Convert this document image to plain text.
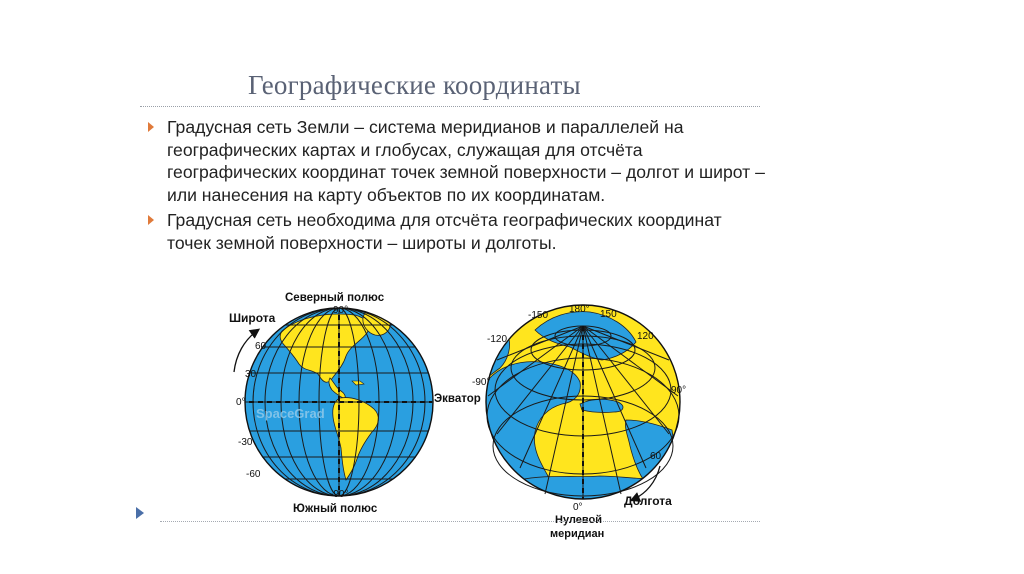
Географические координаты
Градусная сеть Земли – система меридианов и параллелей на географических картах и глобусах, служащая для отсчёта географических координат точек земной поверхности – долгот и широт – или нанесения на карту объектов по их координатам.
Градусная сеть необходима для отсчёта географических координат точек земной поверхности – широты и долготы.
SpaceGrad
Северный полюс
Южный полюс
Экватор
Широта
90°
60
30
0°
-30
-60
-90°
180°
-150	150
-120	120
-90°
90°
60
0°	Долгота
Нулевой
меридиан
